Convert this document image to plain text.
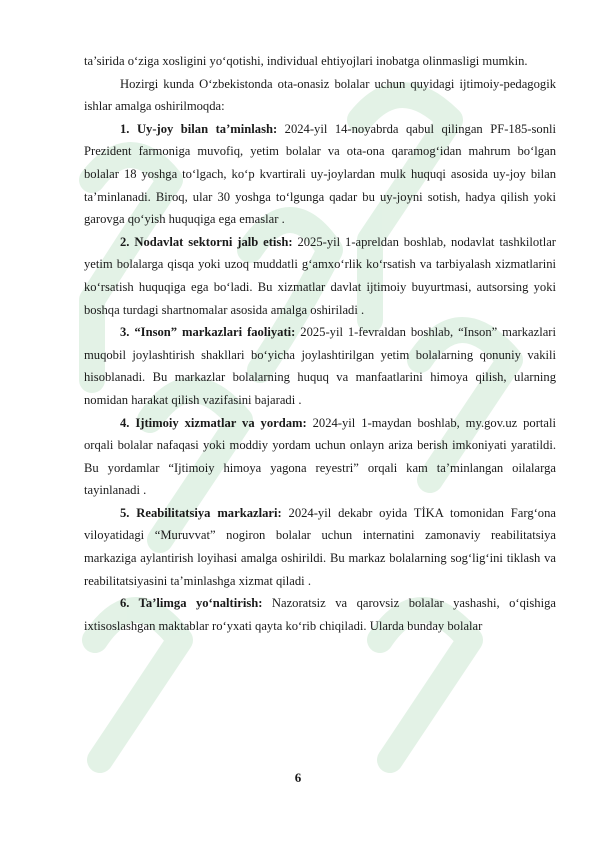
ta’sirida o‘ziga xosligini yo‘qotishi, individual ehtiyojlari inobatga olinmasligi mumkin.

Hozirgi kunda O‘zbekistonda ota-onasiz bolalar uchun quyidagi ijtimoiy-pedagogik ishlar amalga oshirilmoqda:

1. Uy-joy bilan ta’minlash: 2024-yil 14-noyabrda qabul qilingan PF-185-sonli Prezident farmoniga muvofiq, yetim bolalar va ota-ona qaramog‘idan mahrum bo‘lgan bolalar 18 yoshga to‘lgach, ko‘p kvartirali uy-joylardan mulk huquqi asosida uy-joy bilan ta’minlanadi. Biroq, ular 30 yoshga to‘lgunga qadar bu uy-joyni sotish, hadya qilish yoki garovga qo‘yish huquqiga ega emaslar .

2. Nodavlat sektorni jalb etish: 2025-yil 1-apreldan boshlab, nodavlat tashkilotlar yetim bolalarga qisqa yoki uzoq muddatli g‘amxo‘rlik ko‘rsatish va tarbiyalash xizmatlarini ko‘rsatish huquqiga ega bo‘ladi. Bu xizmatlar davlat ijtimoiy buyurtmasi, autsorsing yoki boshqa turdagi shartnomalar asosida amalga oshiriladi .

3. “Inson” markazlari faoliyati: 2025-yil 1-fevraldan boshlab, “Inson” markazlari muqobil joylashtirish shakllari bo‘yicha joylashtirilgan yetim bolalarning qonuniy vakili hisoblanadi. Bu markazlar bolalarning huquq va manfaatlarini himoya qilish, ularning nomidan harakat qilish vazifasini bajaradi .

4. Ijtimoiy xizmatlar va yordam: 2024-yil 1-maydan boshlab, my.gov.uz portali orqali bolalar nafaqasi yoki moddiy yordam uchun onlayn ariza berish imkoniyati yaratildi. Bu yordamlar “Ijtimoiy himoya yagona reyestri” orqali kam ta’minlangan oilalarga tayinlanadi .

5. Reabilitatsiya markazlari: 2024-yil dekabr oyida TİKA tomonidan Farg‘ona viloyatidagi “Muruvvat” nogiron bolalar uchun internatini zamonaviy reabilitatsiya markaziga aylantirish loyihasi amalga oshirildi. Bu markaz bolalarning sog‘lig‘ini tiklash va reabilitatsiyasini ta’minlashga xizmat qiladi .

6. Ta’limga yo‘naltirish: Nazoratsiz va qarovsiz bolalar yashashi, o‘qishiga ixtisoslashgan maktablar ro‘yxati qayta ko‘rib chiqiladi. Ularda bunday bolalar

6
